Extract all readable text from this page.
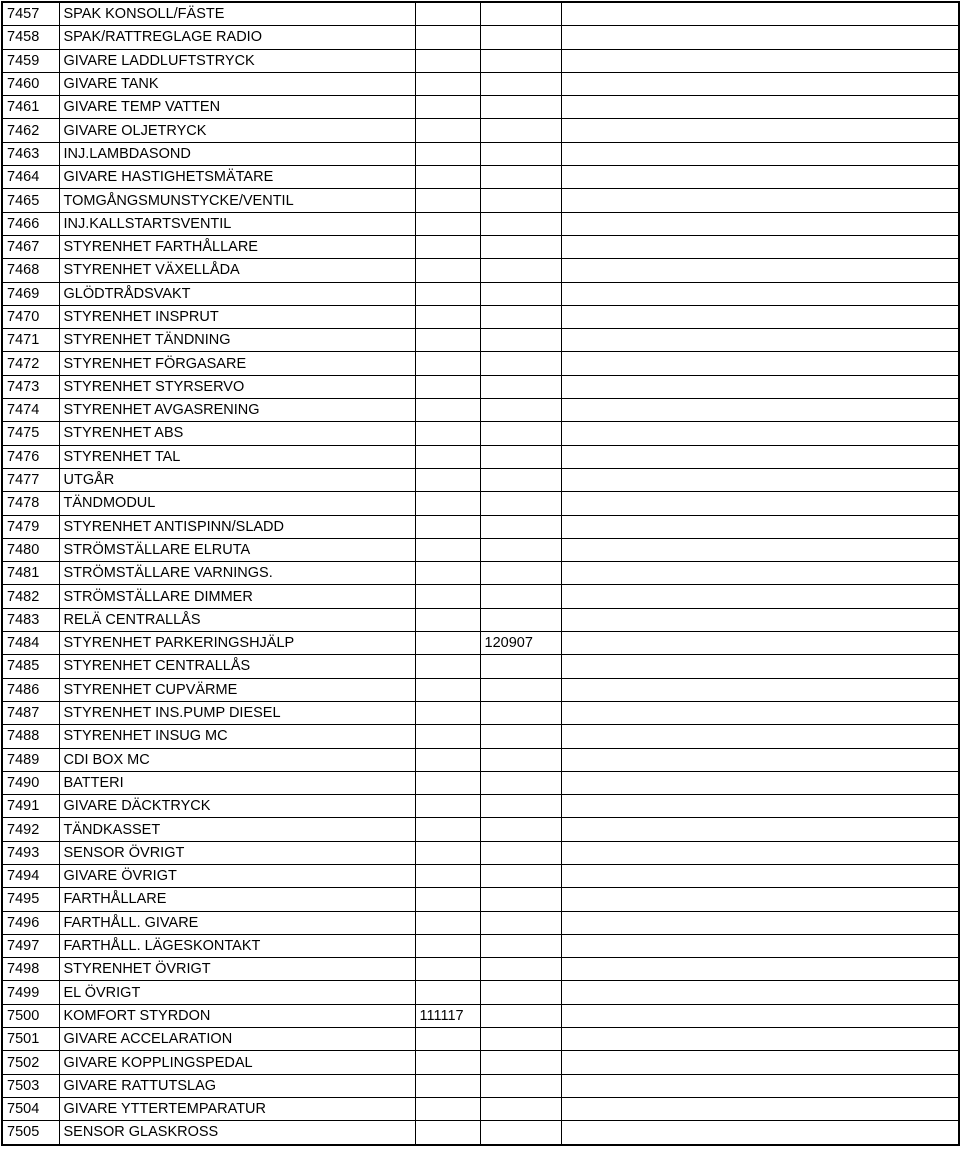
7457	SPAK KONSOLL/FÄSTE			
7458	SPAK/RATTREGLAGE RADIO			
7459	GIVARE LADDLUFTSTRYCK			
7460	GIVARE TANK			
7461	GIVARE TEMP VATTEN			
7462	GIVARE OLJETRYCK			
7463	INJ.LAMBDASOND			
7464	GIVARE HASTIGHETSMÄTARE			
7465	TOMGÅNGSMUNSTYCKE/VENTIL			
7466	INJ.KALLSTARTSVENTIL			
7467	STYRENHET FARTHÅLLARE			
7468	STYRENHET VÄXELLÅDA			
7469	GLÖDTRÅDSVAKT			
7470	STYRENHET INSPRUT			
7471	STYRENHET TÄNDNING			
7472	STYRENHET FÖRGASARE			
7473	STYRENHET STYRSERVO			
7474	STYRENHET AVGASRENING			
7475	STYRENHET ABS			
7476	STYRENHET TAL			
7477	UTGÅR			
7478	TÄNDMODUL			
7479	STYRENHET ANTISPINN/SLADD			
7480	STRÖMSTÄLLARE ELRUTA			
7481	STRÖMSTÄLLARE VARNINGS.			
7482	STRÖMSTÄLLARE DIMMER			
7483	RELÄ CENTRALLÅS			
7484	STYRENHET PARKERINGSHJÄLP		120907	
7485	STYRENHET CENTRALLÅS			
7486	STYRENHET CUPVÄRME			
7487	STYRENHET INS.PUMP DIESEL			
7488	STYRENHET INSUG MC			
7489	CDI BOX MC			
7490	BATTERI			
7491	GIVARE DÄCKTRYCK			
7492	TÄNDKASSET			
7493	SENSOR ÖVRIGT			
7494	GIVARE ÖVRIGT			
7495	FARTHÅLLARE			
7496	FARTHÅLL. GIVARE			
7497	FARTHÅLL. LÄGESKONTAKT			
7498	STYRENHET ÖVRIGT			
7499	EL ÖVRIGT			
7500	KOMFORT STYRDON	111117		
7501	GIVARE ACCELARATION			
7502	GIVARE KOPPLINGSPEDAL			
7503	GIVARE RATTUTSLAG			
7504	GIVARE YTTERTEMPARATUR			
7505	SENSOR GLASKROSS			
